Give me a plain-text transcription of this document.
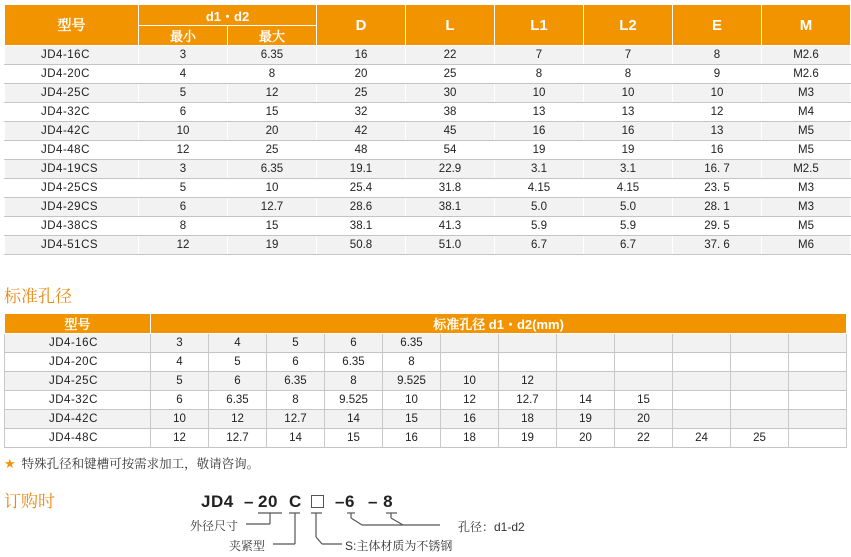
型号	d1・d2		D	L	L1	L2	E	M
	最小	最大						
JD4-16C	3	6.35	16	22	7	7	8	M2.6
JD4-20C	4	8	20	25	8	8	9	M2.6
JD4-25C	5	12	25	30	10	10	10	M3
JD4-32C	6	15	32	38	13	13	12	M4
JD4-42C	10	20	42	45	16	16	13	M5
JD4-48C	12	25	48	54	19	19	16	M5
JD4-19CS	3	6.35	19.1	22.9	3.1	3.1	16. 7	M2.5
JD4-25CS	5	10	25.4	31.8	4.15	4.15	23. 5	M3
JD4-29CS	6	12.7	28.6	38.1	5.0	5.0	28. 1	M3
JD4-38CS	8	15	38.1	41.3	5.9	5.9	29. 5	M5
JD4-51CS	12	19	50.8	51.0	6.7	6.7	37. 6	M6
标准孔径
型号	标准孔径 d1・d2(mm)											
JD4-16C	3	4	5	6	6.35							
JD4-20C	4	5	6	6.35	8							
JD4-25C	5	6	6.35	8	9.525	10	12					
JD4-32C	6	6.35	8	9.525	10	12	12.7	14	15			
JD4-42C	10	12	12.7	14	15	16	18	19	20			
JD4-48C	12	12.7	14	15	16	18	19	20	22	24	25	
★ 特殊孔径和键槽可按需求加工，敬请咨询。
订购时	JD4 – 20 C –6 – 8
外径尺寸
夹紧型	S:主体材质为不锈钢
孔径：d1-d2
